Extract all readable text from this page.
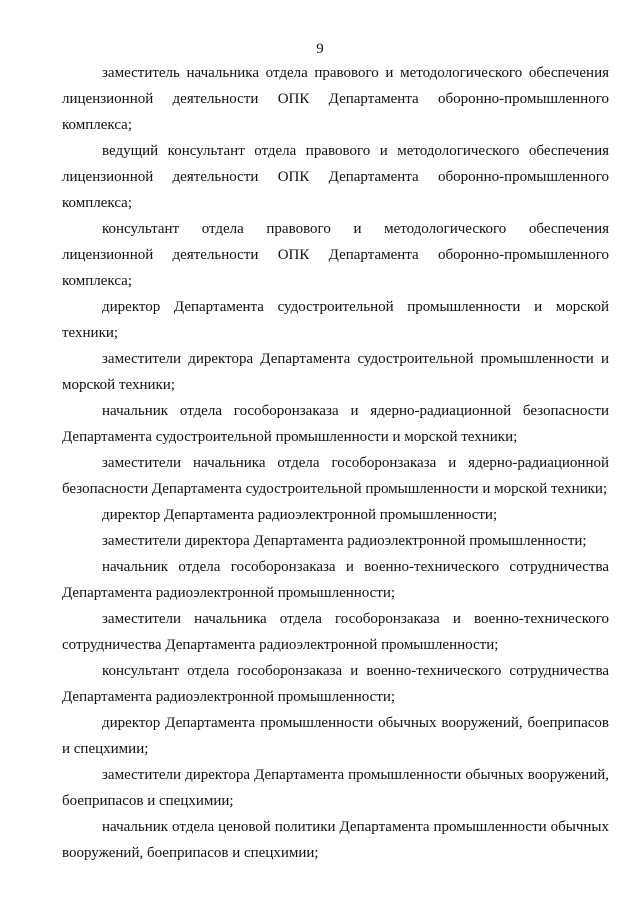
9

заместитель начальника отдела правового и методологического обеспечения лицензионной деятельности ОПК Департамента оборонно-промышленного комплекса;

ведущий консультант отдела правового и методологического обеспечения лицензионной деятельности ОПК Департамента оборонно-промышленного комплекса;

консультант отдела правового и методологического обеспечения лицензионной деятельности ОПК Департамента оборонно-промышленного комплекса;

директор Департамента судостроительной промышленности и морской техники;

заместители директора Департамента судостроительной промышленности и морской техники;

начальник отдела гособоронзаказа и ядерно-радиационной безопасности Департамента судостроительной промышленности и морской техники;

заместители начальника отдела гособоронзаказа и ядерно-радиационной безопасности Департамента судостроительной промышленности и морской техники;

директор Департамента радиоэлектронной промышленности;

заместители директора Департамента радиоэлектронной промышленности;

начальник отдела гособоронзаказа и военно-технического сотрудничества Департамента радиоэлектронной промышленности;

заместители начальника отдела гособоронзаказа и военно-технического сотрудничества Департамента радиоэлектронной промышленности;

консультант отдела гособоронзаказа и военно-технического сотрудничества Департамента радиоэлектронной промышленности;

директор Департамента промышленности обычных вооружений, боеприпасов и спецхимии;

заместители директора Департамента промышленности обычных вооружений, боеприпасов и спецхимии;

начальник отдела ценовой политики Департамента промышленности обычных вооружений, боеприпасов и спецхимии;
